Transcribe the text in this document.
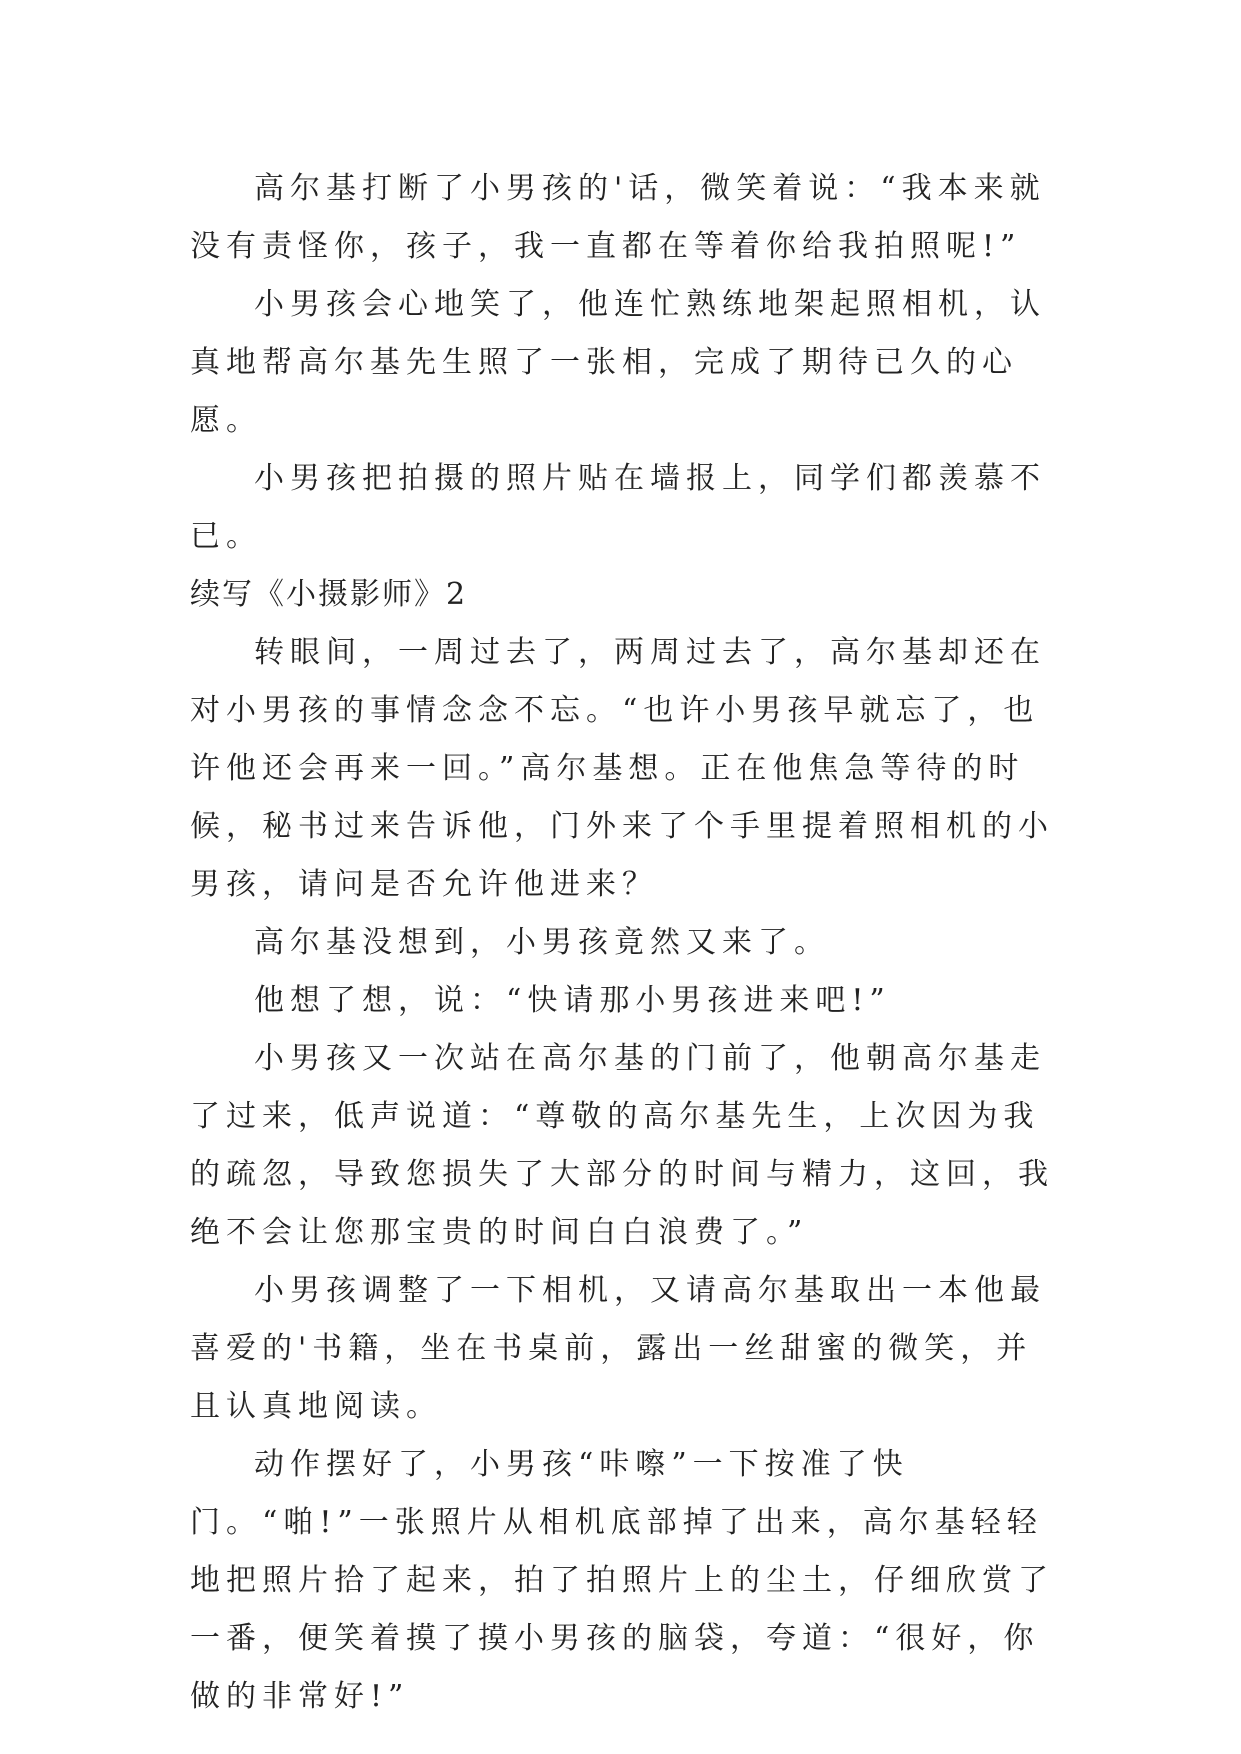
高尔基打断了小男孩的'话，微笑着说：“我本来就没有责怪你，孩子，我一直都在等着你给我拍照呢!”

小男孩会心地笑了，他连忙熟练地架起照相机，认真地帮高尔基先生照了一张相，完成了期待已久的心愿。

小男孩把拍摄的照片贴在墙报上，同学们都羡慕不已。

续写《小摄影师》2

转眼间，一周过去了，两周过去了，高尔基却还在对小男孩的事情念念不忘。“也许小男孩早就忘了，也许他还会再来一回。”高尔基想。正在他焦急等待的时候，秘书过来告诉他，门外来了个手里提着照相机的小男孩，请问是否允许他进来？

高尔基没想到，小男孩竟然又来了。

他想了想，说：“快请那小男孩进来吧!”

小男孩又一次站在高尔基的门前了，他朝高尔基走了过来，低声说道：“尊敬的高尔基先生，上次因为我的疏忽，导致您损失了大部分的时间与精力，这回，我绝不会让您那宝贵的时间白白浪费了。”

小男孩调整了一下相机，又请高尔基取出一本他最喜爱的'书籍，坐在书桌前，露出一丝甜蜜的微笑，并且认真地阅读。

动作摆好了，小男孩“咔嚓”一下按准了快门。“啪!”一张照片从相机底部掉了出来，高尔基轻轻地把照片拾了起来，拍了拍照片上的尘土，仔细欣赏了一番，便笑着摸了摸小男孩的脑袋，夸道：“很好，你做的非常好!”
